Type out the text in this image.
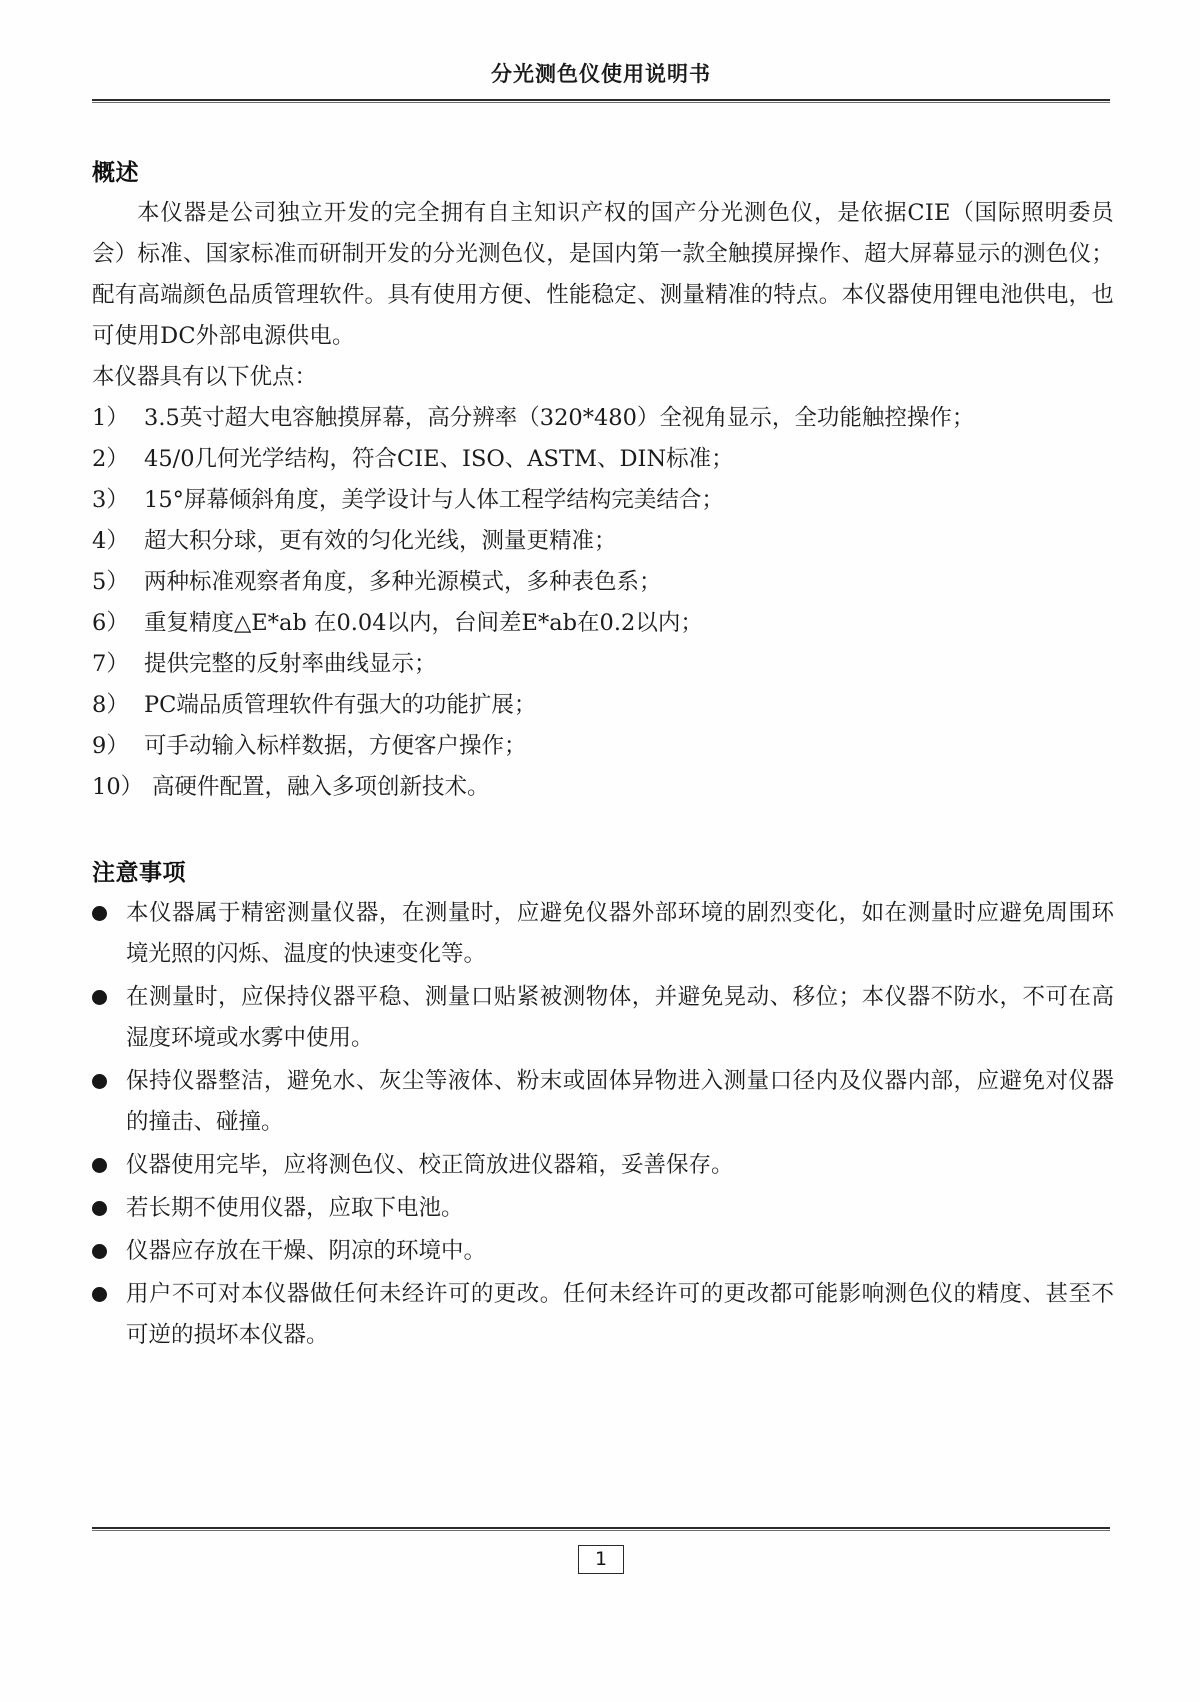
分光测色仪使用说明书
概述

本仪器是公司独立开发的完全拥有自主知识产权的国产分光测色仪，是依据CIE（国际照明委员会）标准、国家标准而研制开发的分光测色仪，是国内第一款全触摸屏操作、超大屏幕显示的测色仪；配有高端颜色品质管理软件。具有使用方便、性能稳定、测量精准的特点。本仪器使用锂电池供电，也可使用DC外部电源供电。

本仪器具有以下优点：

1） 3.5英寸超大电容触摸屏幕，高分辨率（320*480）全视角显示，全功能触控操作；
2） 45/0几何光学结构，符合CIE、ISO、ASTM、DIN标准；
3） 15°屏幕倾斜角度，美学设计与人体工程学结构完美结合；
4） 超大积分球，更有效的匀化光线，测量更精准；
5） 两种标准观察者角度，多种光源模式，多种表色系；
6） 重复精度△E*ab 在0.04以内，台间差E*ab在0.2以内；
7） 提供完整的反射率曲线显示；
8） PC端品质管理软件有强大的功能扩展；
9） 可手动输入标样数据，方便客户操作；
10） 高硬件配置，融入多项创新技术。
注意事项
本仪器属于精密测量仪器，在测量时，应避免仪器外部环境的剧烈变化，如在测量时应避免周围环境光照的闪烁、温度的快速变化等。
在测量时，应保持仪器平稳、测量口贴紧被测物体，并避免晃动、移位；本仪器不防水，不可在高湿度环境或水雾中使用。
保持仪器整洁，避免水、灰尘等液体、粉末或固体异物进入测量口径内及仪器内部，应避免对仪器的撞击、碰撞。
仪器使用完毕，应将测色仪、校正筒放进仪器箱，妥善保存。
若长期不使用仪器，应取下电池。
仪器应存放在干燥、阴凉的环境中。
用户不可对本仪器做任何未经许可的更改。任何未经许可的更改都可能影响测色仪的精度、甚至不可逆的损坏本仪器。
1
